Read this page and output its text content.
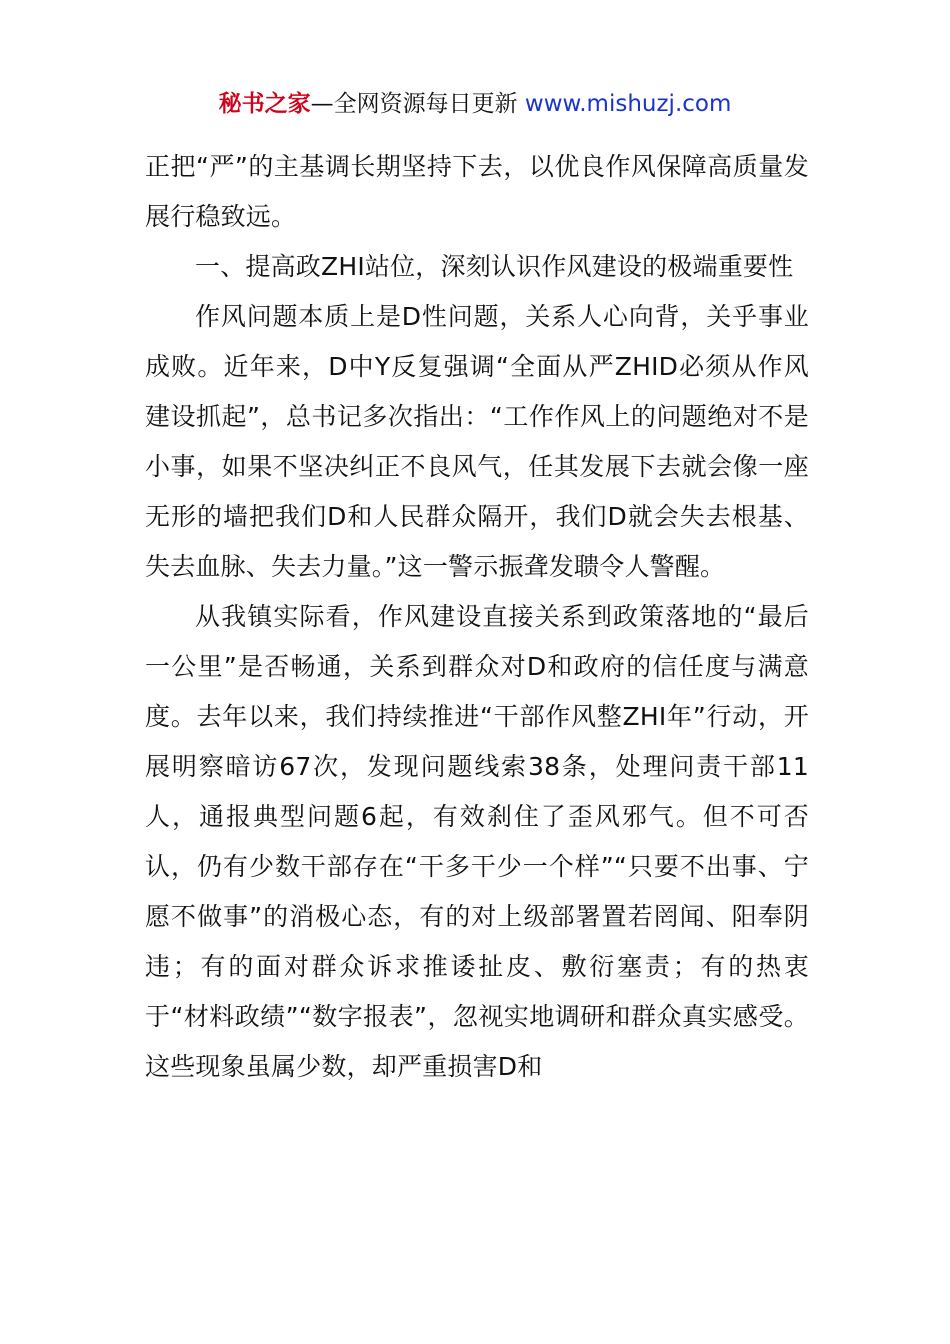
秘书之家—全网资源每日更新 www.mishuzj.com

正把“严”的主基调长期坚持下去，以优良作风保障高质量发展行稳致远。

一、提高政ZHI站位，深刻认识作风建设的极端重要性

作风问题本质上是D性问题，关系人心向背，关乎事业成败。近年来，D中Y反复强调“全面从严ZHID必须从作风建设抓起”，总书记多次指出：“工作作风上的问题绝对不是小事，如果不坚决纠正不良风气，任其发展下去就会像一座无形的墙把我们D和人民群众隔开，我们D就会失去根基、失去血脉、失去力量。”这一警示振聋发聩令人警醒。

从我镇实际看，作风建设直接关系到政策落地的“最后一公里”是否畅通，关系到群众对D和政府的信任度与满意度。去年以来，我们持续推进“干部作风整ZHI年”行动，开展明察暗访67次，发现问题线索38条，处理问责干部11人，通报典型问题6起，有效刹住了歪风邪气。但不可否认，仍有少数干部存在“干多干少一个样”“只要不出事、宁愿不做事”的消极心态，有的对上级部署置若罔闻、阳奉阴违；有的面对群众诉求推诿扯皮、敷衍塞责；有的热衷于“材料政绩”“数字报表”，忽视实地调研和群众真实感受。这些现象虽属少数，却严重损害D和
